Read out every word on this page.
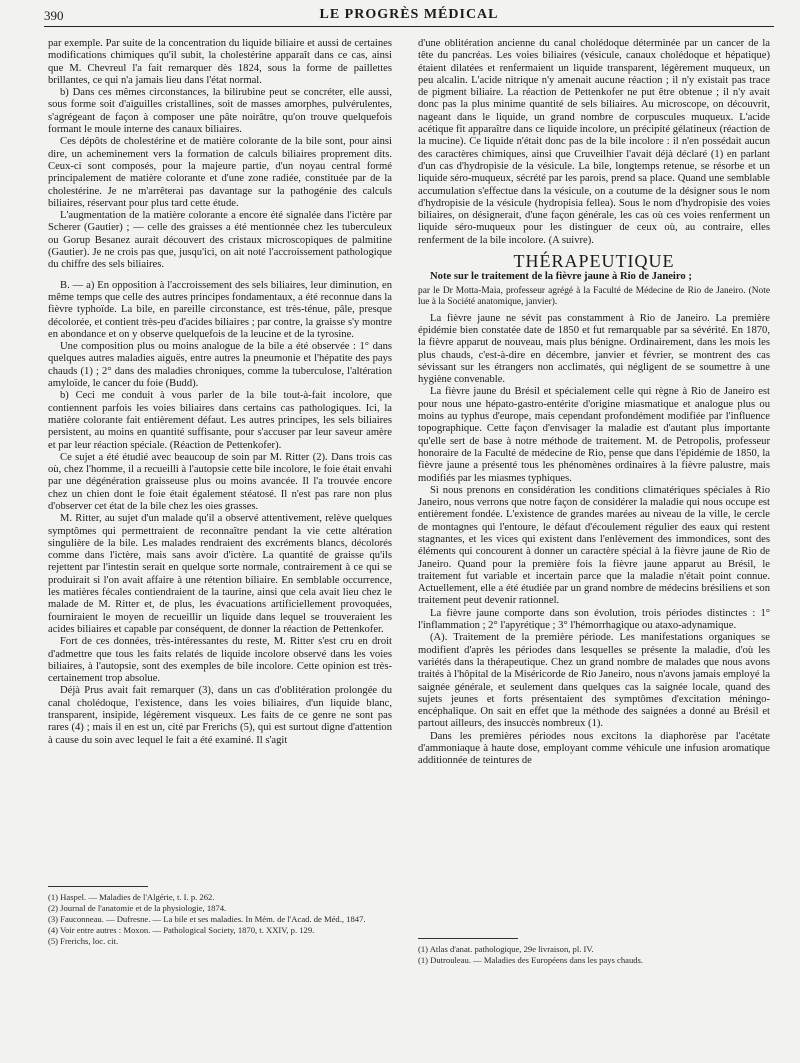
390	LE PROGRÈS MÉDICAL

par exemple. Par suite de la concentration du liquide biliaire et aussi de certaines modifications chimiques qu'il subit, la cholestérine apparaît dans ce cas, ainsi que M. Chevreul l'a fait remarquer dès 1824, sous la forme de paillettes brillantes, ce qui n'a jamais lieu dans l'état normal.

b) Dans ces mêmes circonstances, la bilirubine peut se concréter, elle aussi, sous forme soit d'aiguilles cristallines, soit de masses amorphes, pulvérulentes, s'agrégeant de façon à composer une pâte noirâtre, qu'on trouve quelquefois formant le moule interne des canaux biliaires.

Ces dépôts de cholestérine et de matière colorante de la bile sont, pour ainsi dire, un acheminement vers la formation de calculs biliaires proprement dits. Ceux-ci sont composés, pour la majeure partie, d'un noyau central formé principalement de matière colorante et d'une zone radiée, constituée par de la cholestérine. Je ne m'arrêterai pas davantage sur la pathogénie des calculs biliaires, réservant pour plus tard cette étude.

L'augmentation de la matière colorante a encore été signalée dans l'ictère par Scherer (Gautier) ; — celle des graisses a été mentionnée chez les tuberculeux ou Gorup Besanez aurait découvert des cristaux microscopiques de palmitine (Gautier). Je ne crois pas que, jusqu'ici, on ait noté l'accroissement pathologique du chiffre des sels biliaires.

B. — a) En opposition à l'accroissement des sels biliaires, leur diminution, en même temps que celle des autres principes fondamentaux, a été reconnue dans la fièvre typhoïde. La bile, en pareille circonstance, est très-ténue, pâle, presque décolorée, et contient très-peu d'acides biliaires ; par contre, la graisse s'y montre en abondance et on y observe quelquefois de la leucine et de la tyrosine.

Une composition plus ou moins analogue de la bile a été observée : 1° dans quelques autres maladies aiguës, entre autres la pneumonie et l'hépatite des pays chauds (1) ; 2° dans des maladies chroniques, comme la tuberculose, l'altération amyloïde, le cancer du foie (Budd).

b) Ceci me conduit à vous parler de la bile tout-à-fait incolore, que contiennent parfois les voies biliaires dans certains cas pathologiques. Ici, la matière colorante fait entièrement défaut. Les autres principes, les sels biliaires persistent, au moins en quantité suffisante, pour s'accuser par leur saveur amère et par leur réaction spéciale. (Réaction de Pettenkofer).

Ce sujet a été étudié avec beaucoup de soin par M. Ritter (2). Dans trois cas où, chez l'homme, il a recueilli à l'autopsie cette bile incolore, le foie était envahi par une dégénération graisseuse plus ou moins avancée. Il l'a trouvée encore chez un chien dont le foie était également stéatosé. Il n'est pas rare non plus d'observer cet état de la bile chez les oies grasses.

M. Ritter, au sujet d'un malade qu'il a observé attentivement, relève quelques symptômes qui permettraient de reconnaître pendant la vie cette altération singulière de la bile. Les malades rendraient des excréments blancs, décolorés comme dans l'ictère, mais sans avoir d'ictère. La quantité de graisse qu'ils rejettent par l'intestin serait en quelque sorte normale, contrairement à ce qui se produirait si l'on avait affaire à une rétention biliaire. En semblable occurrence, les matières fécales contiendraient de la taurine, ainsi que cela avait lieu chez le malade de M. Ritter et, de plus, les évacuations artificiellement provoquées, fourniraient le moyen de recueillir un liquide dans lequel se trouveraient les acides biliaires et capable par conséquent, de donner la réaction de Pettenkofer.

Fort de ces données, très-intéressantes du reste, M. Ritter s'est cru en droit d'admettre que tous les faits relatés de liquide incolore observé dans les voies biliaires, à l'autopsie, sont des exemples de bile incolore. Cette opinion est très-certainement trop absolue.

Déjà Prus avait fait remarquer (3), dans un cas d'oblitération prolongée du canal cholédoque, l'existence, dans les voies biliaires, d'un liquide blanc, transparent, insipide, légèrement visqueux. Les faits de ce genre ne sont pas rares (4) ; mais il en est un, cité par Frerichs (5), qui est surtout digne d'attention à cause du soin avec lequel le fait a été examiné. Il s'agit

(1) Haspel. — Maladies de l'Algérie, t. I. p. 262.
(2) Journal de l'anatomie et de la physiologie, 1874.
(3) Fauconneau. — Dufresne. — La bile et ses maladies. In Mém. de l'Acad. de Méd., 1847.
(4) Voir entre autres : Moxon. — Pathological Society, 1870, t. XXIV, p. 129.
(5) Frerichs, loc. cit.

d'une oblitération ancienne du canal cholédoque déterminée par un cancer de la tête du pancréas. Les voies biliaires (vésicule, canaux cholédoque et hépatique) étaient dilatées et renfermaient un liquide transparent, légèrement muqueux, un peu alcalin. L'acide nitrique n'y amenait aucune réaction ; il n'y existait pas trace de pigment biliaire. La réaction de Pettenkofer ne put être obtenue ; il n'y avait donc pas la plus minime quantité de sels biliaires. Au microscope, on découvrit, nageant dans le liquide, un grand nombre de corpuscules muqueux. L'acide acétique fit apparaître dans ce liquide incolore, un précipité gélatineux (réaction de la mucine). Ce liquide n'était donc pas de la bile incolore : il n'en possédait aucun des caractères chimiques, ainsi que Cruveilhier l'avait déjà déclaré (1) en parlant d'un cas d'hydropisie de la vésicule. La bile, longtemps retenue, se résorbe et un liquide séro-muqueux, sécrété par les parois, prend sa place. Quand une semblable accumulation s'effectue dans la vésicule, on a coutume de la désigner sous le nom d'hydropisie de la vésicule (hydropisia fellea). Sous le nom d'hydropisie des voies biliaires, on désignerait, d'une façon générale, les cas où ces voies renferment un liquide séro-muqueux pour les distinguer de ceux où, au contraire, elles renferment de la bile incolore. (A suivre).

THÉRAPEUTIQUE
Note sur le traitement de la fièvre jaune à Rio de Janeiro ;
par le Dr Motta-Maia, professeur agrégé à la Faculté de Médecine de Rio de Janeiro. (Note lue à la Société anatomique, janvier).

La fièvre jaune ne sévit pas constamment à Rio de Janeiro. La première épidémie bien constatée date de 1850 et fut remarquable par sa sévérité. En 1870, la fièvre apparut de nouveau, mais plus bénigne. Ordinairement, dans les mois les plus chauds, c'est-à-dire en décembre, janvier et février, se montrent des cas sévissant sur les étrangers non acclimatés, qui négligent de se soumettre à une hygiène convenable.

La fièvre jaune du Brésil et spécialement celle qui règne à Rio de Janeiro est pour nous une hépato-gastro-entérite d'origine miasmatique et analogue plus ou moins au typhus d'europe, mais cependant profondément modifiée par l'influence topographique. Cette façon d'envisager la maladie est d'autant plus importante qu'elle sert de base à notre méthode de traitement. M. de Petropolis, professeur honoraire de la Faculté de médecine de Rio, pense que dans l'épidémie de 1850, la fièvre jaune a présenté tous les phénomènes ordinaires à la fièvre palustre, mais modifiés par les miasmes typhiques.

Si nous prenons en considération les conditions climatériques spéciales à Rio Janeiro, nous verrons que notre façon de considérer la maladie qui nous occupe est entièrement fondée. L'existence de grandes marées au niveau de la ville, le cercle de montagnes qui l'entoure, le défaut d'écoulement régulier des eaux qui restent stagnantes, et les vices qui existent dans l'enlèvement des immondices, sont des éléments qui concourent à donner un caractère spécial à la fièvre jaune de Rio de Janeiro. Quand pour la première fois la fièvre jaune apparut au Brésil, le traitement fut variable et incertain parce que la maladie n'était point connue. Actuellement, elle a été étudiée par un grand nombre de médecins brésiliens et son traitement peut devenir rationnel.

La fièvre jaune comporte dans son évolution, trois périodes distinctes : 1° l'inflammation ; 2° l'apyrétique ; 3° l'hémorrhagique ou ataxo-adynamique.

(A). Traitement de la première période. Les manifestations organiques se modifient d'après les périodes dans lesquelles se présente la maladie, d'où les variétés dans la thérapeutique. Chez un grand nombre de malades que nous avons traités à l'hôpital de la Miséricorde de Rio Janeiro, nous n'avons jamais employé la saignée générale, et seulement dans quelques cas la saignée locale, quand des sujets jeunes et forts présentaient des symptômes d'excitation méningo-encéphalique. On sait en effet que la méthode des saignées a donné au Brésil et partout ailleurs, des insuccès nombreux (1).

Dans les premières périodes nous excitons la diaphorèse par l'acétate d'ammoniaque à haute dose, employant comme véhicule une infusion aromatique additionnée de teintures de

(1) Atlas d'anat. pathologique, 29e livraison, pl. IV.
(1) Dutrouleau. — Maladies des Européens dans les pays chauds.
